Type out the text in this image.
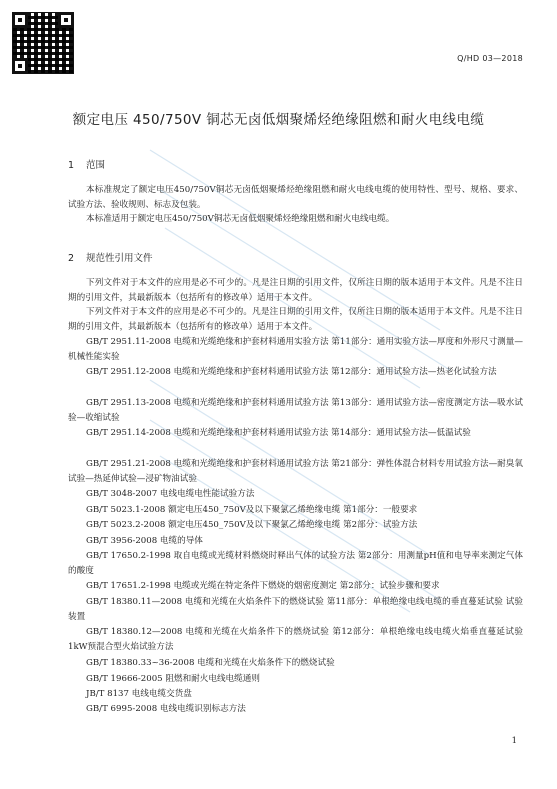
Q/HD 03—2018
额定电压 450/750V 铜芯无卤低烟聚烯烃绝缘阻燃和耐火电线电缆
1 范围
本标准规定了额定电压450/750V铜芯无卤低烟聚烯烃绝缘阻燃和耐火电线电缆的使用特性、型号、规格、要求、试验方法、验收规则、标志及包装。
本标准适用于额定电压450/750V铜芯无卤低烟聚烯烃绝缘阻燃和耐火电线电缆。
2 规范性引用文件
下列文件对于本文件的应用是必不可少的。凡是注日期的引用文件，仅所注日期的版本适用于本文件。凡是不注日期的引用文件，其最新版本（包括所有的修改单）适用于本文件。
下列文件对于本文件的应用是必不可少的。凡是注日期的引用文件，仅所注日期的版本适用于本文件。凡是不注日期的引用文件，其最新版本（包括所有的修改单）适用于本文件。
GB/T 2951.11-2008 电缆和光缆绝缘和护套材料通用实验方法 第11部分：通用实验方法—厚度和外形尺寸测量—机械性能实验
GB/T 2951.12-2008 电缆和光缆绝缘和护套材料通用试验方法 第12部分：通用试验方法—热老化试验方法
GB/T 2951.13-2008 电缆和光缆绝缘和护套材料通用试验方法 第13部分：通用试验方法—密度测定方法—吸水试验—收缩试验
GB/T 2951.14-2008 电缆和光缆绝缘和护套材料通用试验方法 第14部分：通用试验方法—低温试验
GB/T 2951.21-2008 电缆和光缆绝缘和护套材料通用试验方法 第21部分：弹性体混合材料专用试验方法—耐臭氧试验—热延伸试验—浸矿物油试验
GB/T 3048-2007 电线电缆电性能试验方法
GB/T 5023.1-2008 额定电压450_750V及以下聚氯乙烯绝缘电缆 第1部分：一般要求
GB/T 5023.2-2008 额定电压450_750V及以下聚氯乙烯绝缘电缆 第2部分：试验方法
GB/T 3956-2008 电缆的导体
GB/T 17650.2-1998 取自电缆或光缆材料燃烧时释出气体的试验方法 第2部分：用测量pH值和电导率来测定气体的酸度
GB/T 17651.2-1998 电缆或光缆在特定条件下燃烧的烟密度测定 第2部分：试验步骤和要求
GB/T 18380.11—2008 电缆和光缆在火焰条件下的燃烧试验 第11部分：单根绝缘电线电缆的垂直蔓延试验 试验装置
GB/T 18380.12—2008 电缆和光缆在火焰条件下的燃烧试验 第12部分：单根绝缘电线电缆火焰垂直蔓延试验 1kW预混合型火焰试验方法
GB/T 18380.33~36-2008 电缆和光缆在火焰条件下的燃烧试验
GB/T 19666-2005 阻燃和耐火电线电缆通则
JB/T 8137 电线电缆交货盘
GB/T 6995-2008 电线电缆识别标志方法
1
